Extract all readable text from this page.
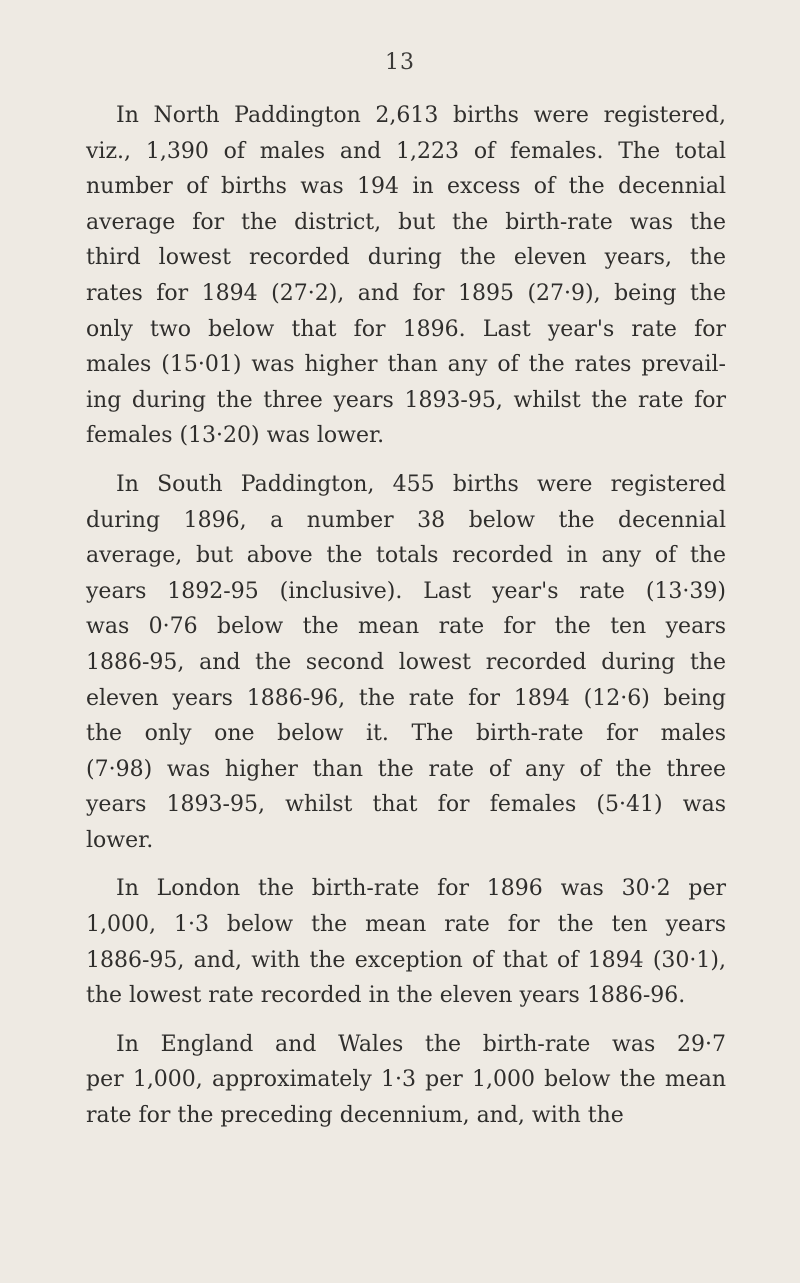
13
In North Paddington 2,613 births were registered,
viz., 1,390 of males and 1,223 of females. The total
number of births was 194 in excess of the decennial
average for the district, but the birth-rate was the
third lowest recorded during the eleven years, the
rates for 1894 (27·2), and for 1895 (27·9), being the
only two below that for 1896. Last year's rate for
males (15·01) was higher than any of the rates prevail-
ing during the three years 1893-95, whilst the rate for
females (13·20) was lower.
In South Paddington, 455 births were registered
during 1896, a number 38 below the decennial
average, but above the totals recorded in any of the
years 1892-95 (inclusive). Last year's rate (13·39)
was 0·76 below the mean rate for the ten years
1886-95, and the second lowest recorded during the
eleven years 1886-96, the rate for 1894 (12·6) being
the only one below it. The birth-rate for males
(7·98) was higher than the rate of any of the three
years 1893-95, whilst that for females (5·41) was
lower.
In London the birth-rate for 1896 was 30·2 per
1,000, 1·3 below the mean rate for the ten years
1886-95, and, with the exception of that of 1894 (30·1),
the lowest rate recorded in the eleven years 1886-96.
In England and Wales the birth-rate was 29·7
per 1,000, approximately 1·3 per 1,000 below the mean
rate for the preceding decennium, and, with the
